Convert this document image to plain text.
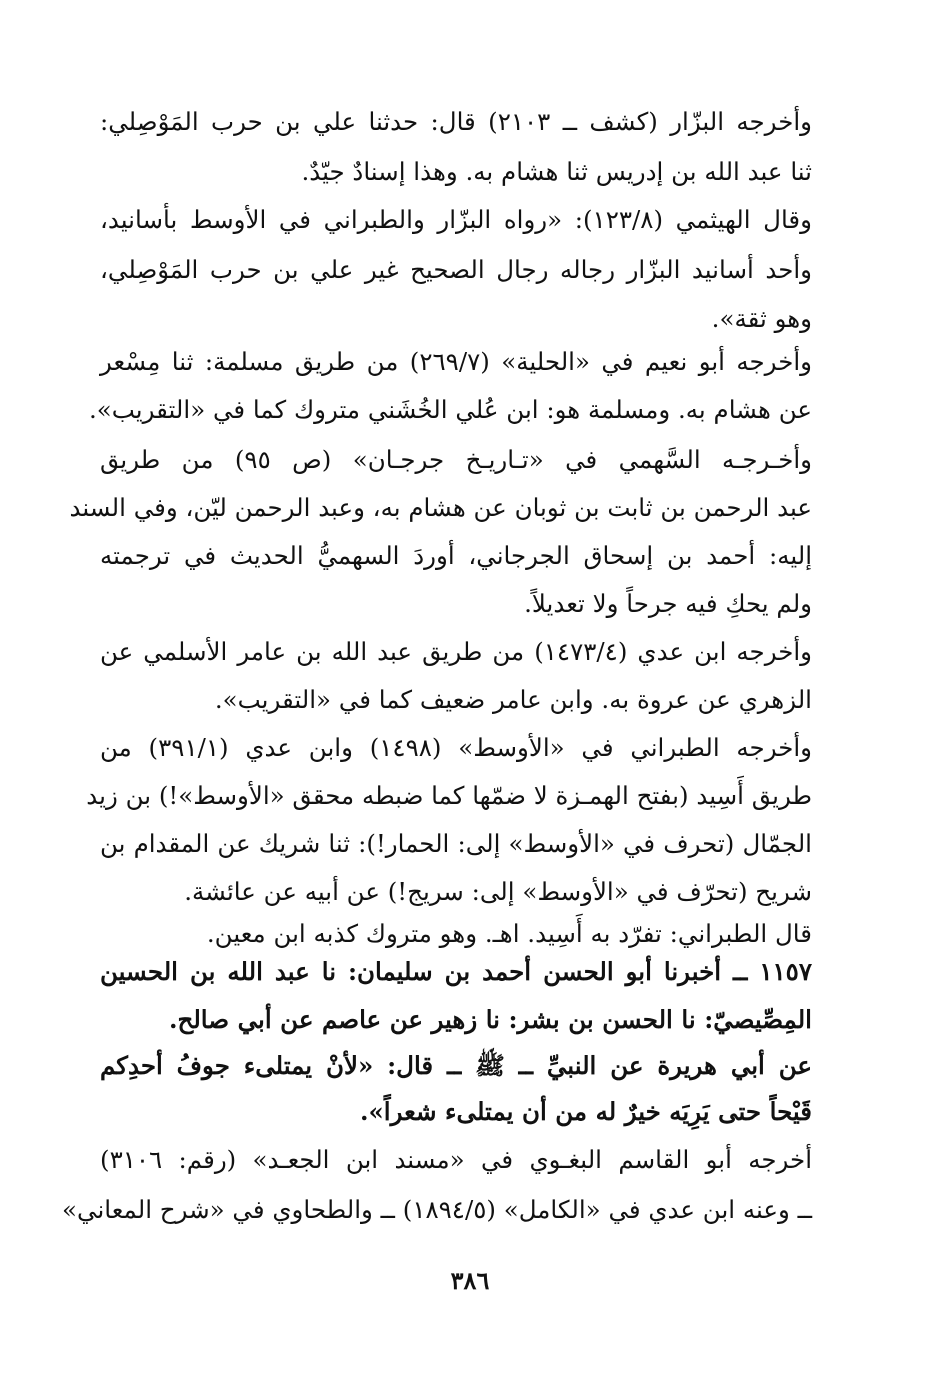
وأخرجه البزّار (كشف ــ ٢١٠٣) قال: حدثنا علي بن حرب المَوْصِلي:
ثنا عبد الله بن إدريس ثنا هشام به. وهذا إسنادٌ جيّدٌ.
وقال الهيثمي (١٢٣/٨): «رواه البزّار والطبراني في الأوسط بأسانيد،
وأحد أسانيد البزّار رجاله رجال الصحيح غير علي بن حرب المَوْصِلي،
وهو ثقة».
وأخرجه أبو نعيم في «الحلية» (٢٦٩/٧) من طريق مسلمة: ثنا مِسْعر
عن هشام به. ومسلمة هو: ابن عُلي الخُشَني متروك كما في «التقريب».
وأخـرجـه السَّهمي في «تـاريـخ جرجـان» (ص ٩٥) من طريق
عبد الرحمن بن ثابت بن ثوبان عن هشام به، وعبد الرحمن ليّن، وفي السند
إليه: أحمد بن إسحاق الجرجاني، أوردَ السهميُّ الحديث في ترجمته
ولم يحكِ فيه جرحاً ولا تعديلاً.
وأخرجه ابن عدي (١٤٧٣/٤) من طريق عبد الله بن عامر الأسلمي عن
الزهري عن عروة به. وابن عامر ضعيف كما في «التقريب».
وأخرجه الطبراني في «الأوسط» (١٤٩٨) وابن عدي (٣٩١/١) من
طريق أَسِيد (بفتح الهمـزة لا ضمّها كما ضبطه محقق «الأوسط»!) بن زيد
الجمّال (تحرف في «الأوسط» إلى: الحمار!): ثنا شريك عن المقدام بن
شريح (تحرّف في «الأوسط» إلى: سريج!) عن أبيه عن عائشة.
قال الطبراني: تفرّد به أَسِيد. اهـ. وهو متروك كذبه ابن معين.
١١٥٧ ــ أخبرنا أبو الحسن أحمد بن سليمان: نا عبد الله بن الحسين
المِصِّيصيّ: نا الحسن بن بشر: نا زهير عن عاصم عن أبي صالح.
عن أبي هريرة عن النبيِّ ــ ﷺ ــ قال: «لأنْ يمتلىء جوفُ أحدِكم
قَيْحاً حتى يَرِيَه خيرٌ له من أن يمتلىء شعراً».
أخرجه أبو القاسم البغـوي في «مسند ابن الجعـد» (رقم: ٣١٠٦)
ــ وعنه ابن عدي في «الكامل» (١٨٩٤/٥) ــ والطحاوي في «شرح المعاني»
٣٨٦
